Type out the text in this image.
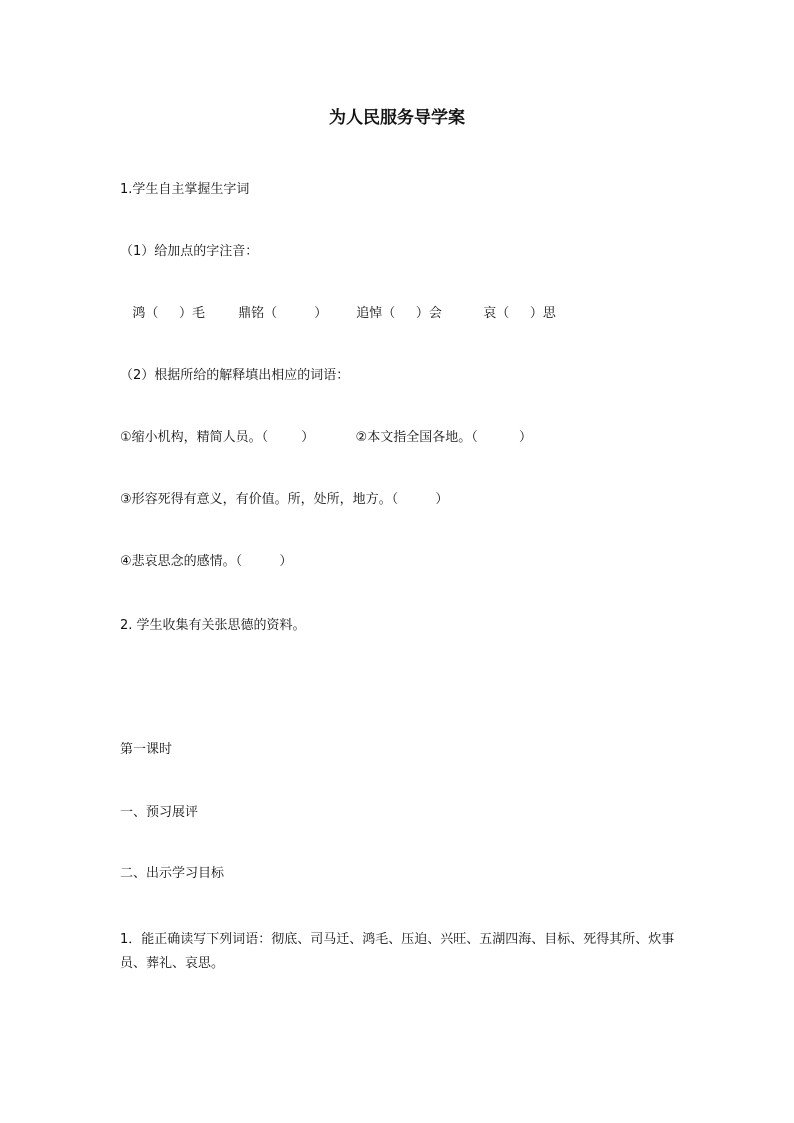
为人民服务导学案
1.学生自主掌握生字词
（1）给加点的字注音：
鸿（     ）毛        鼎铭（         ）       追悼（     ）会          哀（     ）思
（2）根据所给的解释填出相应的词语：
①缩小机构，精简人员。（        ）          ②本文指全国各地。（          ）
③形容死得有意义，有价值。所，处所，地方。（         ）
④悲哀思念的感情。（         ）
2. 学生收集有关张思德的资料。
第一课时
一、预习展评
二、出示学习目标
1．能正确读写下列词语：彻底、司马迁、鸿毛、压迫、兴旺、五湖四海、目标、死得其所、炊事员、葬礼、哀思。
